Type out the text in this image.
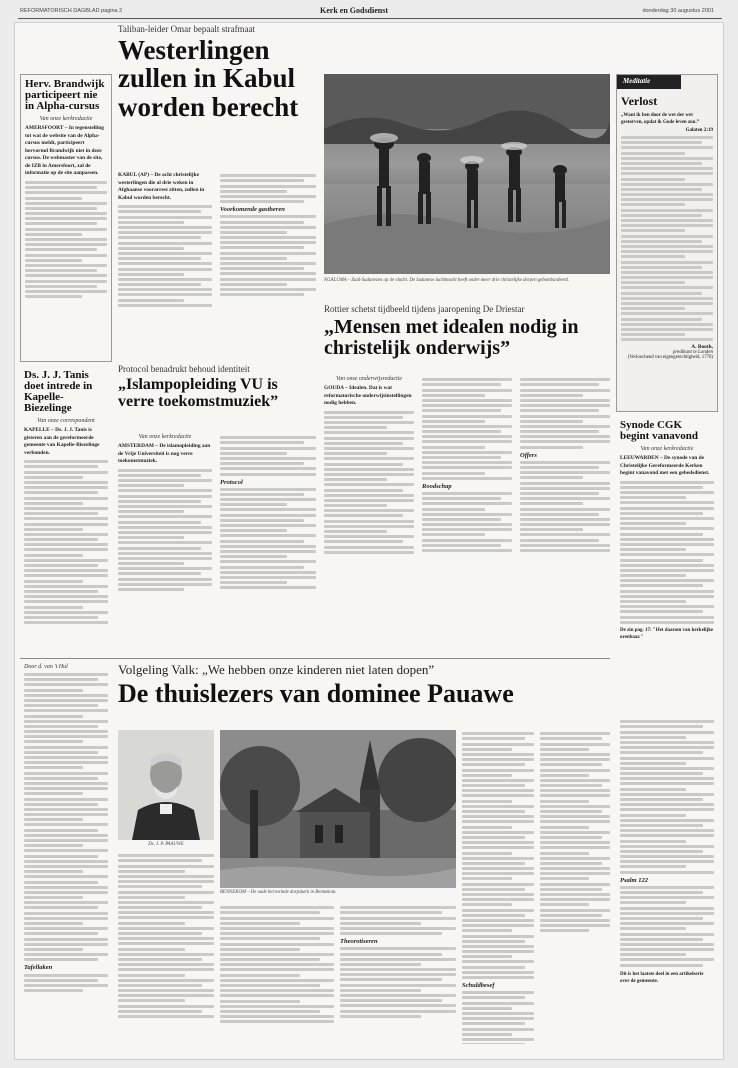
REFORMATORISCH DAGBLAD pagina 2	Kerk en Godsdienst	donderdag 30 augustus 2001
Herv. Brandwijk participeert nie in Alpha-cursus
Van onze kerkredactie
AMERSFOORT – In tegenstelling tot wat de website van de Alpha-cursus meldt, participeert hervormd Brandwijk niet in deze cursus. De webmaster van de site, de IZB in Amersfoort, zal de informatie op de site aanpassen.
Ds. J. J. Tanis doet intrede in Kapelle-Biezelinge
Van onze correspondent
KAPELLE – Ds. J. J. Tanis is gisteren aan de gereformeerde gemeente van Kapelle-Biezelinge verbonden.
Taliban-leider Omar bepaalt strafmaat
Westerlingen zullen in Kabul worden berecht
KABUL (AP) – De acht christelijke westerlingen die al drie weken in Afghaanse voorarrest zitten, zullen in Kabul worden berecht.
Voorkomende gastheren
NGALUMA – Zuid-Sudanezen op de vlucht. De Sudanese luchtmacht heeft onder meer drie christelijke dorpen gebombardeerd.
Meditatie
Verlost
„Want ik ben door de wet der wet gestorven, opdat ik Gode leven zou.”
Galaten 2:19
A. Booth,
predikant te Londen
(Verloochend van eigengerechtigheid, 1770)
Synode CGK begint vanavond
Van onze kerkredactie
LEEUWARDEN – De synode van de Christelijke Gereformeerde Kerken begint vanavond met een gebedsdienst.
De zin pag. 17: "Het daarom van kerkelijke orenbaar."
Protocol benadrukt behoud identiteit
„Islampopleiding VU is verre toekomstmuziek”
Van onze kerkredactie
AMSTERDAM – De islamopleiding aan de Vrije Universiteit is nog verre toekomstmuziek.
Protocol
Rottier schetst tijdbeeld tijdens jaaropening De Driestar
„Mensen met idealen nodig in christelijk onderwijs”
Van onze onderwijsredactie
GOUDA – Idealen. Dat is wat reformatorische onderwijsinstellingen nodig hebben.
Roodschap
Offers
Door d. van 't Hul
Tafellaken
Volgeling Valk: „We hebben onze kinderen niet laten dopen”
De thuislezers van dominee Pauawe
Ds. J. P. PAAUWE
BENNEKOM – De oude hervormde dorpskerk in Bennekom.
Theorotiseren
Schuldbesef
Psalm 122
Dit is het laatste deel in een artikelserie over de gemeente.
